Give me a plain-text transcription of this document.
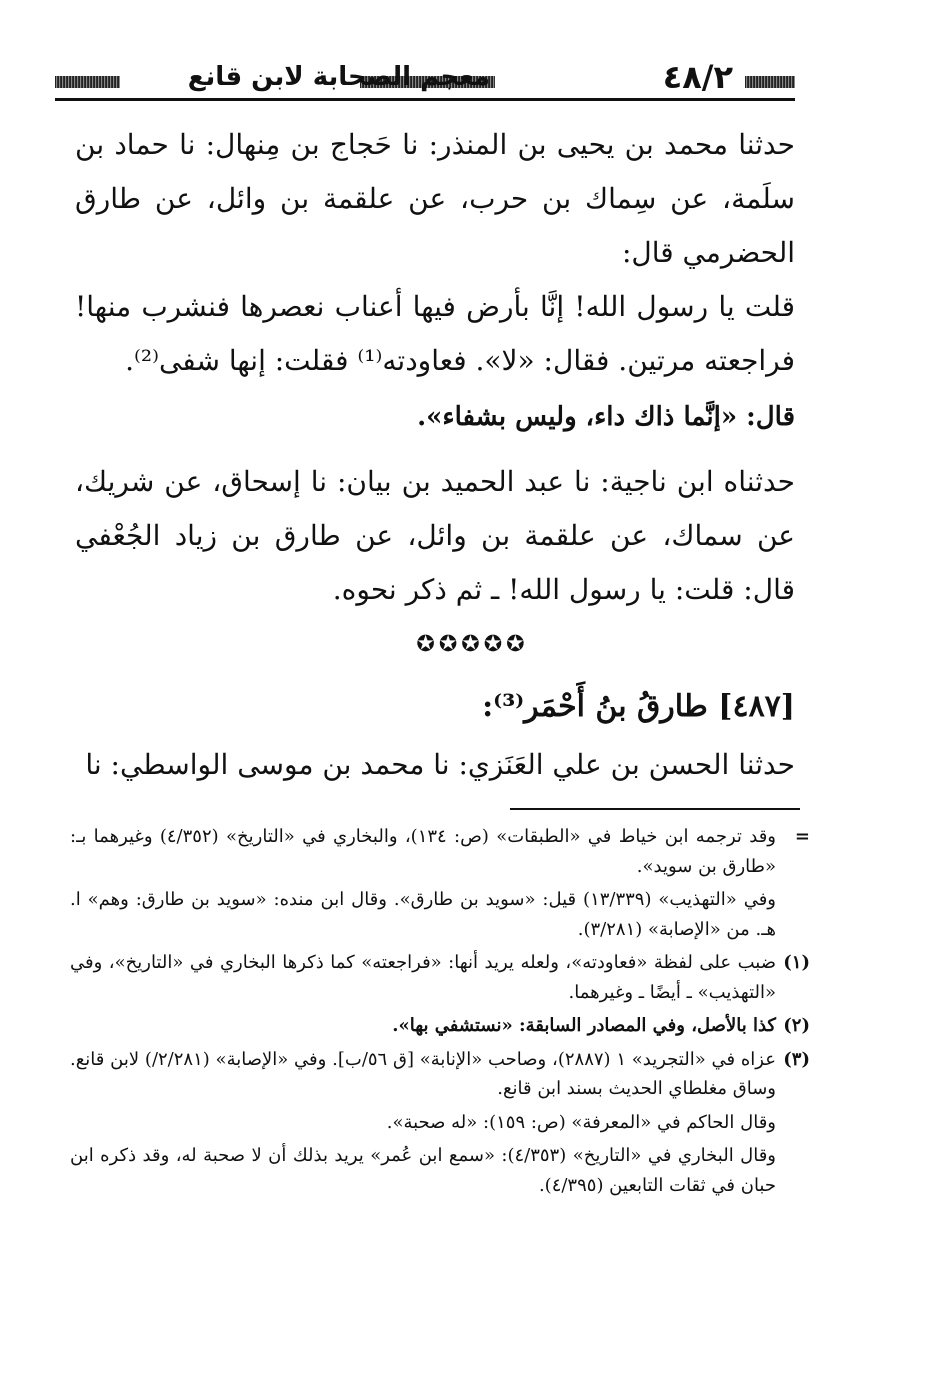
٤٨/٢
معجم الصحابة لابن قانع
حدثنا محمد بن يحيى بن المنذر: نا حَجاج بن مِنهال: نا حماد بن سلَمة، عن سِماك بن حرب، عن علقمة بن وائل، عن طارق الحضرمي قال:
قلت يا رسول الله! إنَّا بأرض فيها أعناب نعصرها فنشرب منها! فراجعته مرتين. فقال: «لا». فعاودته⁽¹⁾ فقلت: إنها شفى⁽²⁾.
قال: «إنَّما ذاك داء، وليس بشفاء».
حدثناه ابن ناجية: نا عبد الحميد بن بيان: نا إسحاق، عن شريك، عن سماك، عن علقمة بن وائل، عن طارق بن زياد الجُعْفي قال: قلت: يا رسول الله! ـ ثم ذكر نحوه.
✪✪✪✪✪
[٤٨٧] طارقُ بنُ أَحْمَر⁽³⁾:
حدثنا الحسن بن علي العَنَزي: نا محمد بن موسى الواسطي: نا
=
وقد ترجمه ابن خياط في «الطبقات» (ص: ١٣٤)، والبخاري في «التاريخ» (٤/٣٥٢) وغيرهما بـ: «طارق بن سويد».
وفي «التهذيب» (١٣/٣٣٩) قيل: «سويد بن طارق». وقال ابن منده: «سويد بن طارق: وهم» ا. هـ. من «الإصابة» (٣/٢٨١).
(١)
ضبب على لفظة «فعاودته»، ولعله يريد أنها: «فراجعته» كما ذكرها البخاري في «التاريخ»، وفي «التهذيب» ـ أيضًا ـ وغيرهما.
(٢)
كذا بالأصل، وفي المصادر السابقة: «نستشفي بها».
(٣)
عزاه في «التجريد» ١ (٢٨٨٧)، وصاحب «الإنابة» [ق ٥٦/ب]. وفي «الإصابة» (٢/٢٨١/) لابن قانع. وساق مغلطاي الحديث بسند ابن قانع.
وقال الحاكم في «المعرفة» (ص: ١٥٩): «له صحبة».
وقال البخاري في «التاريخ» (٤/٣٥٣): «سمع ابن عُمر» يريد بذلك أن لا صحبة له، وقد ذكره ابن حبان في ثقات التابعين (٤/٣٩٥).
